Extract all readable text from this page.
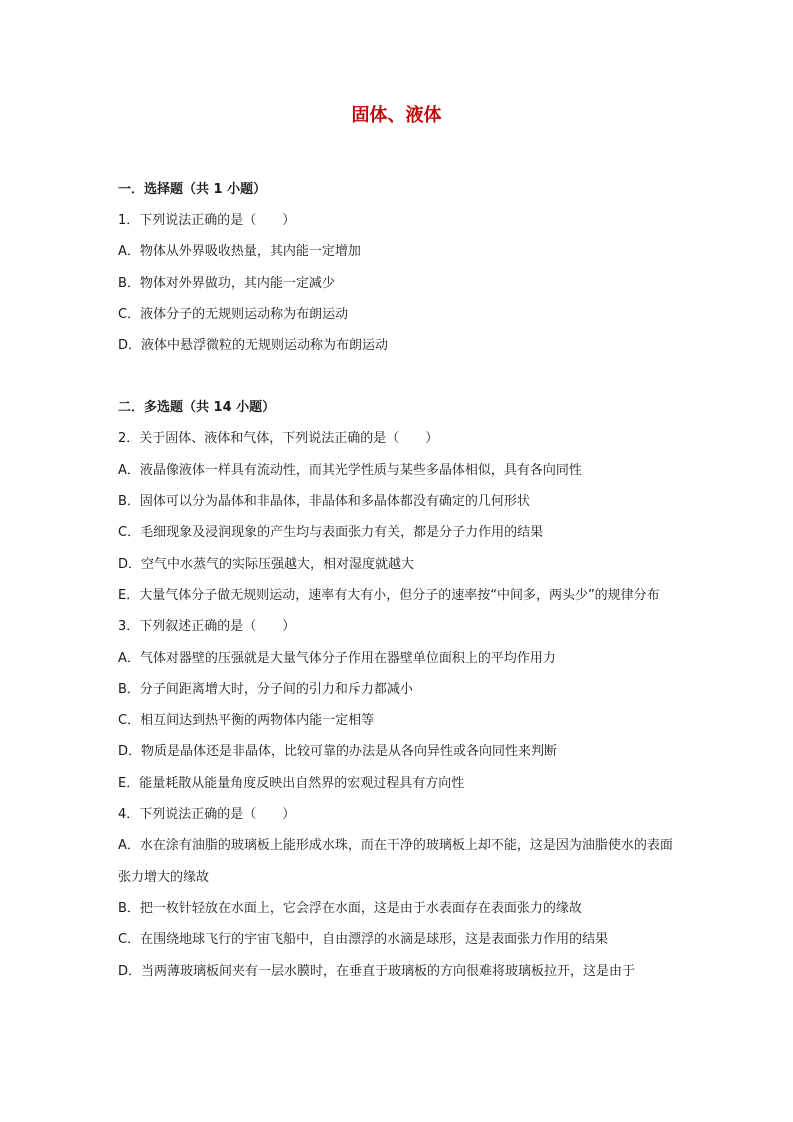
固体、液体
一．选择题（共 1 小题）
1．下列说法正确的是（　　）
A．物体从外界吸收热量，其内能一定增加
B．物体对外界做功，其内能一定减少
C．液体分子的无规则运动称为布朗运动
D．液体中悬浮微粒的无规则运动称为布朗运动
二．多选题（共 14 小题）
2．关于固体、液体和气体，下列说法正确的是（　　）
A．液晶像液体一样具有流动性，而其光学性质与某些多晶体相似，具有各向同性
B．固体可以分为晶体和非晶体，非晶体和多晶体都没有确定的几何形状
C．毛细现象及浸润现象的产生均与表面张力有关，都是分子力作用的结果
D．空气中水蒸气的实际压强越大，相对湿度就越大
E．大量气体分子做无规则运动，速率有大有小，但分子的速率按“中间多，两头少”的规律分布
3．下列叙述正确的是（　　）
A．气体对器壁的压强就是大量气体分子作用在器壁单位面积上的平均作用力
B．分子间距离增大时，分子间的引力和斥力都减小
C．相互间达到热平衡的两物体内能一定相等
D．物质是晶体还是非晶体，比较可靠的办法是从各向异性或各向同性来判断
E．能量耗散从能量角度反映出自然界的宏观过程具有方向性
4．下列说法正确的是（　　）
A．水在涂有油脂的玻璃板上能形成水珠，而在干净的玻璃板上却不能，这是因为油脂使水的表面张力增大的缘故
B．把一枚针轻放在水面上，它会浮在水面，这是由于水表面存在表面张力的缘故
C．在围绕地球飞行的宇宙飞船中，自由漂浮的水滴是球形，这是表面张力作用的结果
D．当两薄玻璃板间夹有一层水膜时，在垂直于玻璃板的方向很难将玻璃板拉开，这是由于
